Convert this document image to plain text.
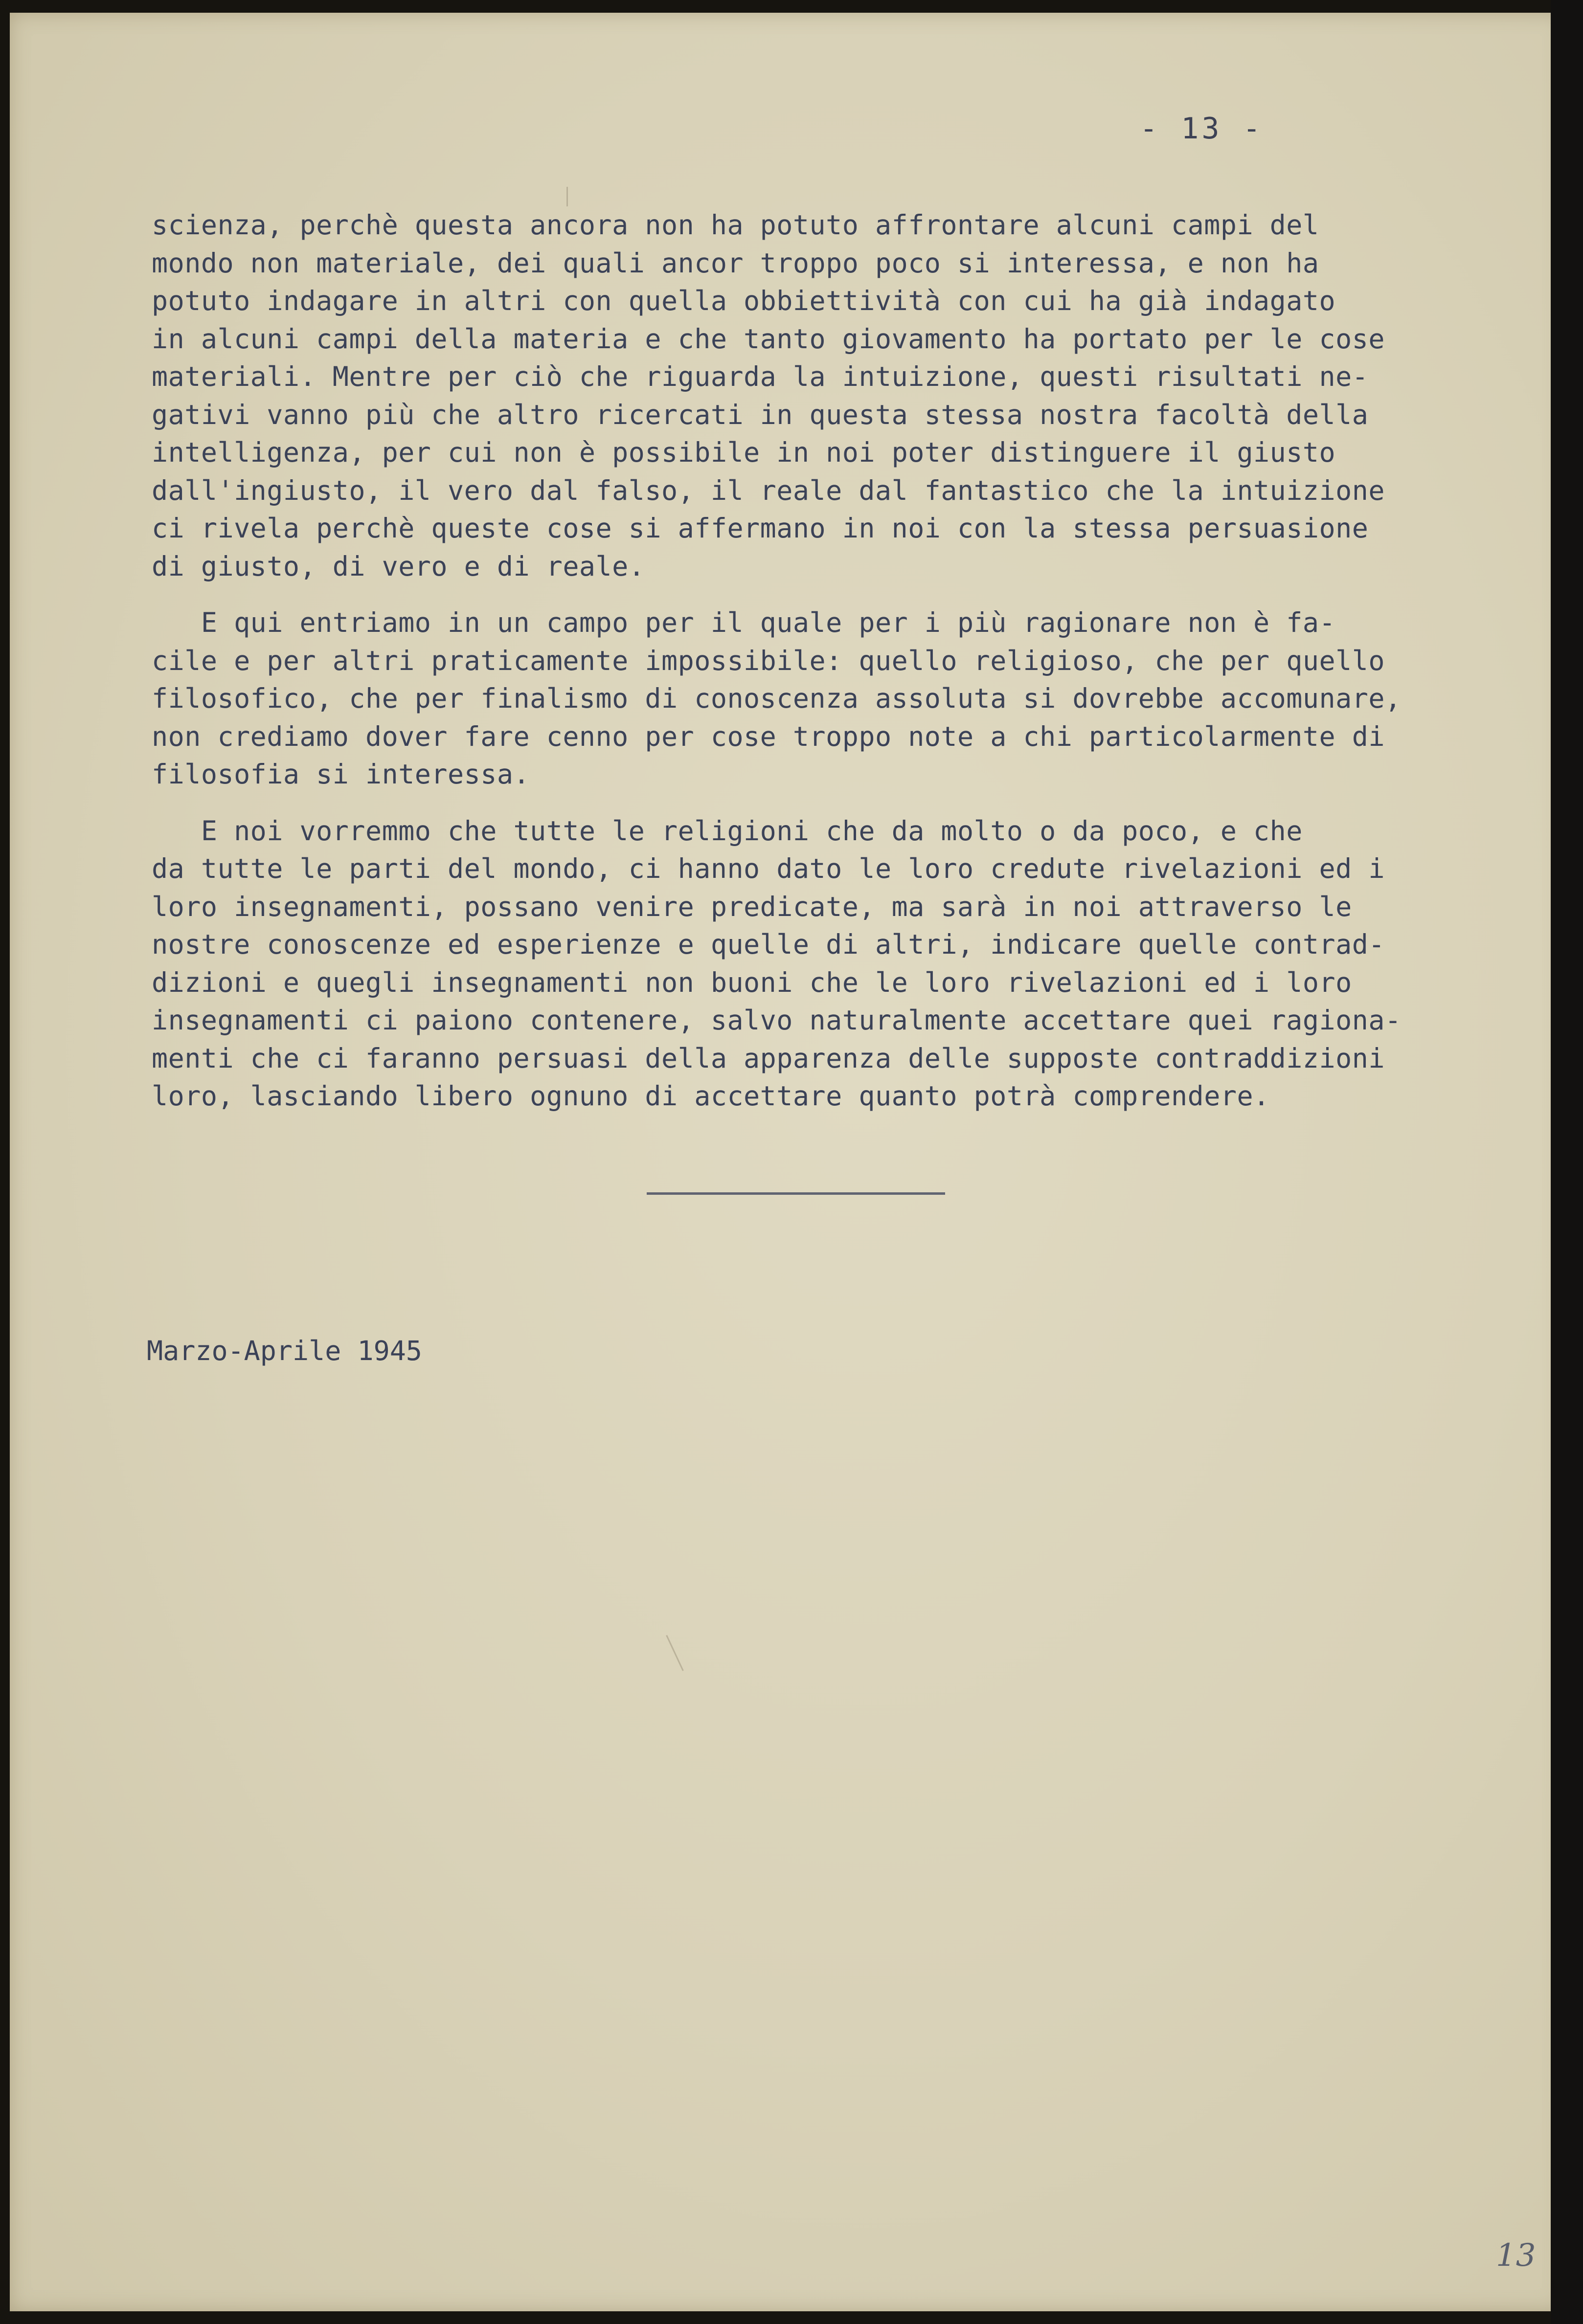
- 13 -
scienza, perchè questa ancora non ha potuto affrontare alcuni campi del
mondo non materiale, dei quali ancor troppo poco si interessa, e non ha
potuto indagare in altri con quella obbiettività con cui ha già indagato
in alcuni campi della materia e che tanto giovamento ha portato per le cose
materiali. Mentre per ciò che riguarda la intuizione, questi risultati ne-
gativi vanno più che altro ricercati in questa stessa nostra facoltà della
intelligenza, per cui non è possibile in noi poter distinguere il giusto
dall'ingiusto, il vero dal falso, il reale dal fantastico che la intuizione
ci rivela perchè queste cose si affermano in noi con la stessa persuasione
di giusto, di vero e di reale.
E qui entriamo in un campo per il quale per i più ragionare non è fa-
cile e per altri praticamente impossibile: quello religioso, che per quello
filosofico, che per finalismo di conoscenza assoluta si dovrebbe accomunare,
non crediamo dover fare cenno per cose troppo note a chi particolarmente di
filosofia si interessa.
E noi vorremmo che tutte le religioni che da molto o da poco, e che
da tutte le parti del mondo, ci hanno dato le loro credute rivelazioni ed i
loro insegnamenti, possano venire predicate, ma sarà in noi attraverso le
nostre conoscenze ed esperienze e quelle di altri, indicare quelle contrad-
dizioni e quegli insegnamenti non buoni che le loro rivelazioni ed i loro
insegnamenti ci paiono contenere, salvo naturalmente accettare quei ragiona-
menti che ci faranno persuasi della apparenza delle supposte contraddizioni
loro, lasciando libero ognuno di accettare quanto potrà comprendere.
Marzo-Aprile 1945
13
